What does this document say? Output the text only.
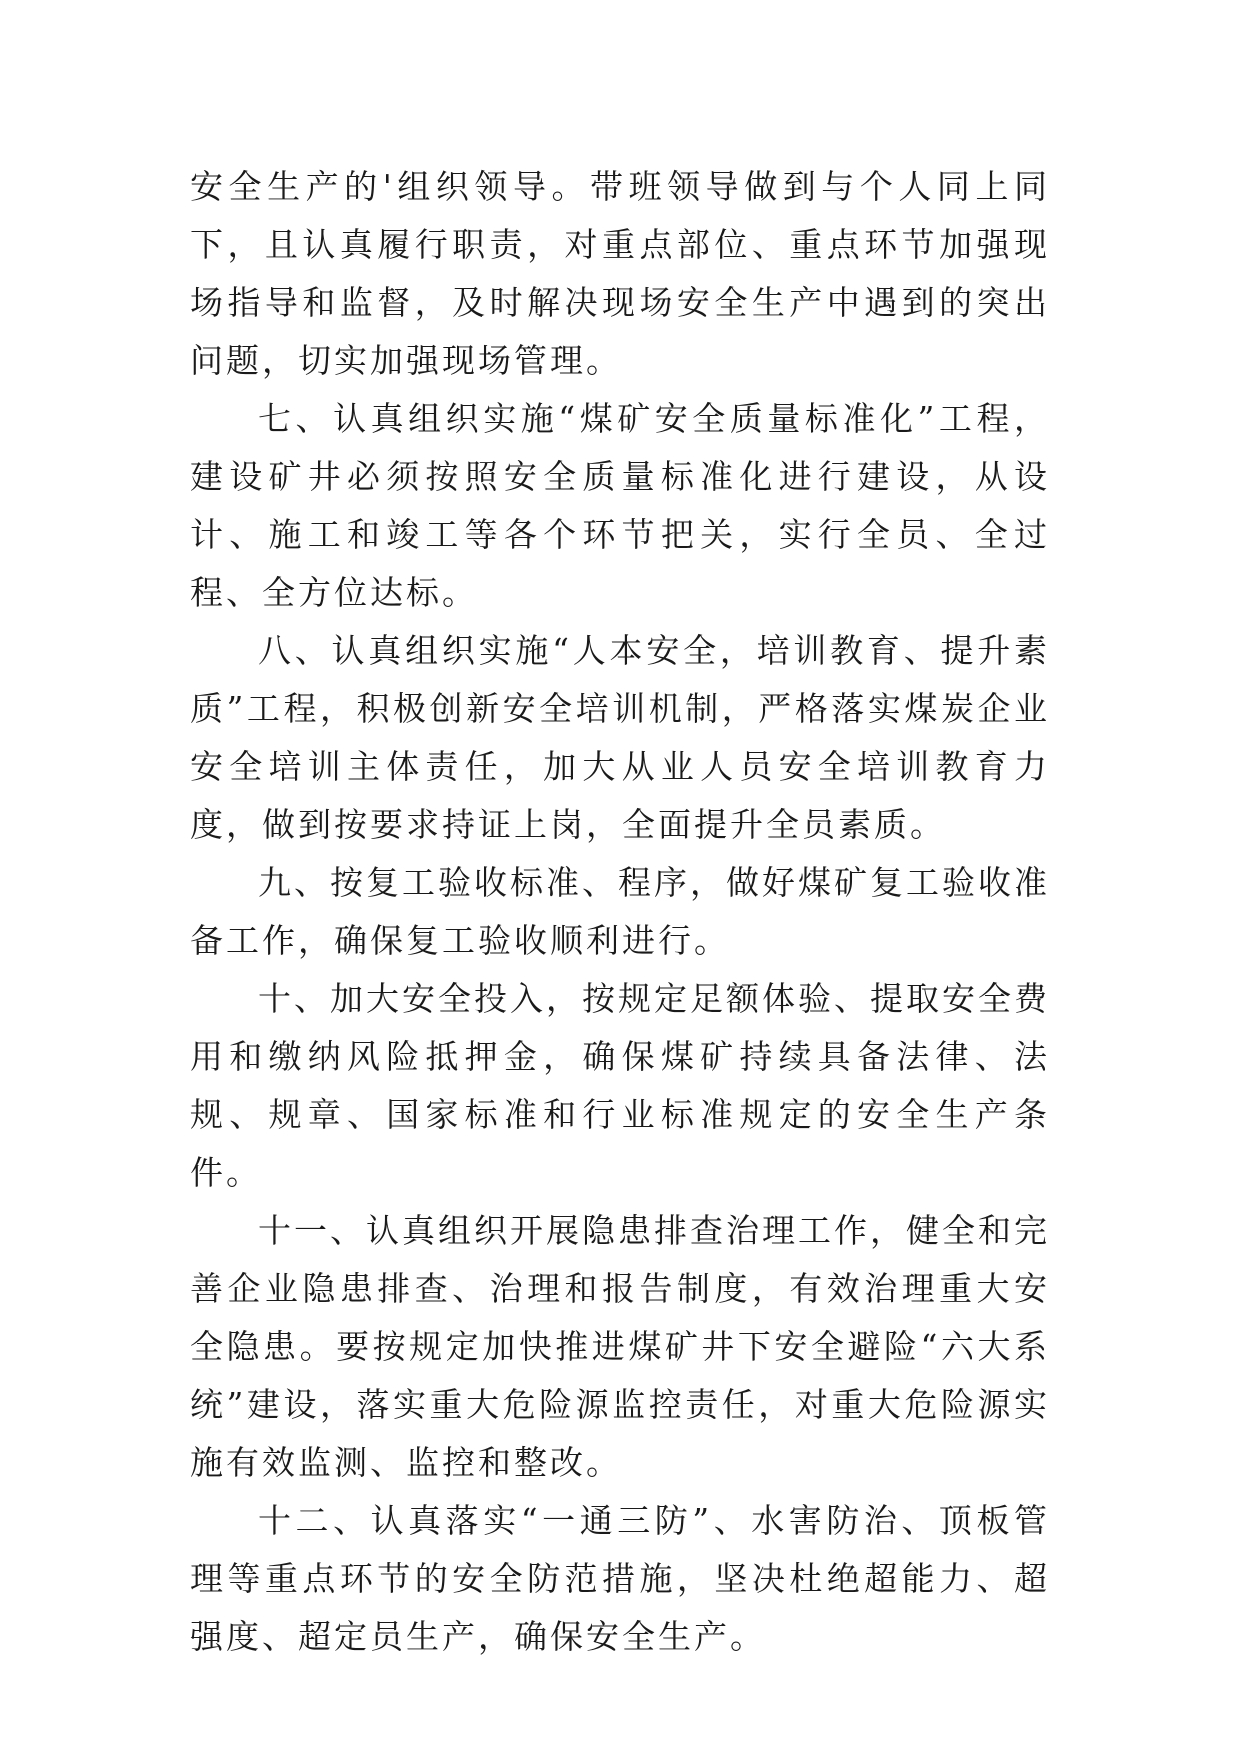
安全生产的'组织领导。带班领导做到与个人同上同下，且认真履行职责，对重点部位、重点环节加强现场指导和监督，及时解决现场安全生产中遇到的突出问题，切实加强现场管理。

七、认真组织实施“煤矿安全质量标准化”工程，建设矿井必须按照安全质量标准化进行建设，从设计、施工和竣工等各个环节把关，实行全员、全过程、全方位达标。

八、认真组织实施“人本安全，培训教育、提升素质”工程，积极创新安全培训机制，严格落实煤炭企业安全培训主体责任，加大从业人员安全培训教育力度，做到按要求持证上岗，全面提升全员素质。

九、按复工验收标准、程序，做好煤矿复工验收准备工作，确保复工验收顺利进行。

十、加大安全投入，按规定足额体验、提取安全费用和缴纳风险抵押金，确保煤矿持续具备法律、法规、规章、国家标准和行业标准规定的安全生产条件。

十一、认真组织开展隐患排查治理工作，健全和完善企业隐患排查、治理和报告制度，有效治理重大安全隐患。要按规定加快推进煤矿井下安全避险“六大系统”建设，落实重大危险源监控责任，对重大危险源实施有效监测、监控和整改。

十二、认真落实“一通三防”、水害防治、顶板管理等重点环节的安全防范措施，坚决杜绝超能力、超强度、超定员生产，确保安全生产。
